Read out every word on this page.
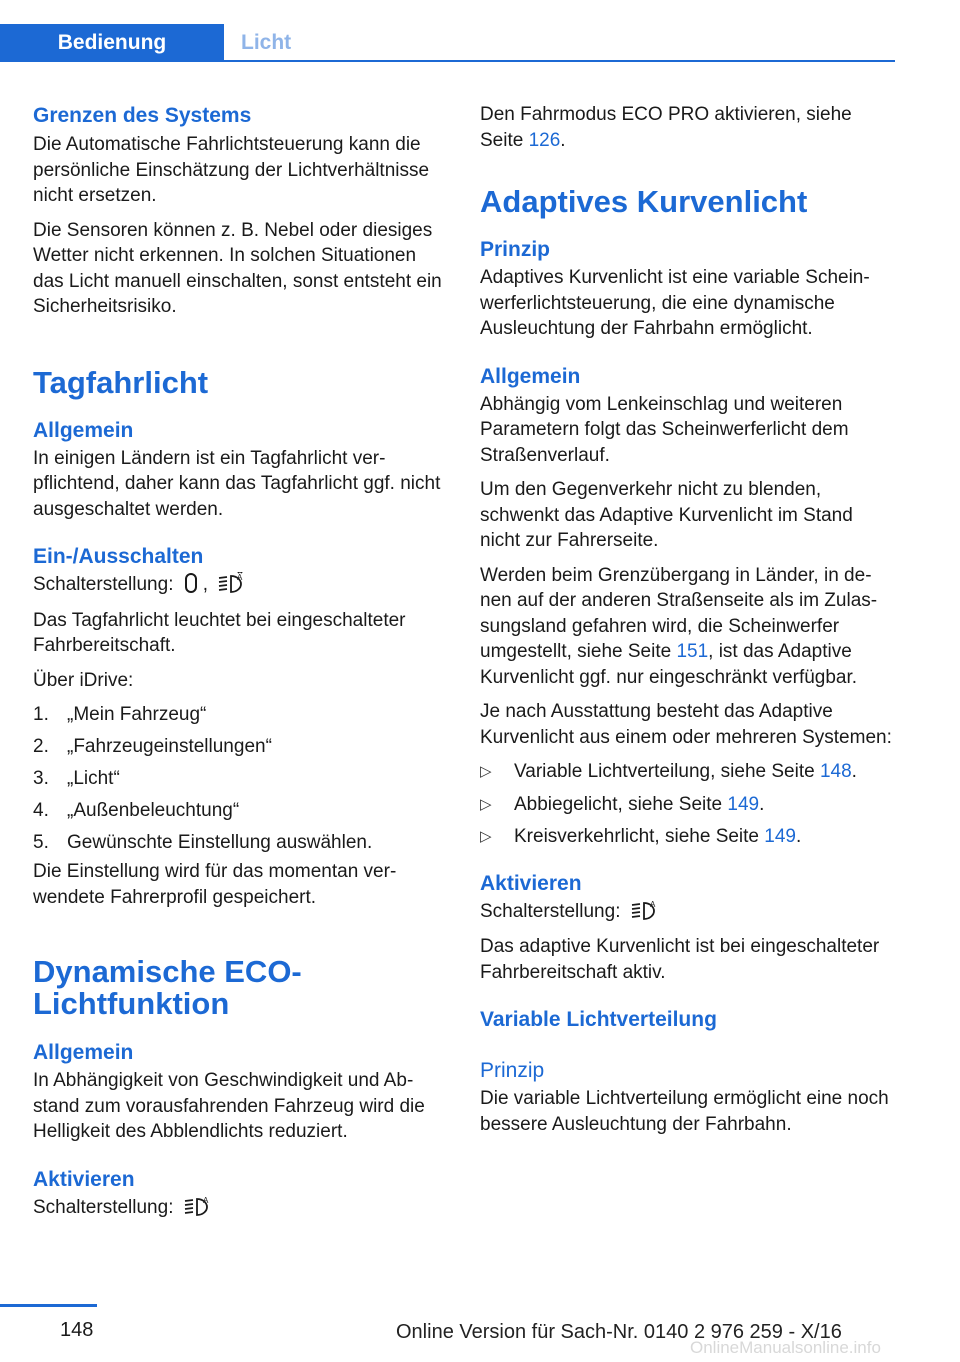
Bedienung	Licht
Grenzen des Systems

Die Automatische Fahrlichtsteuerung kann die persönliche Einschätzung der Lichtverhältnisse nicht ersetzen.

Die Sensoren können z. B. Nebel oder diesiges Wetter nicht erkennen. In solchen Situationen das Licht manuell einschalten, sonst entsteht ein Sicherheitsrisiko.

Tagfahrlicht
Allgemein

In einigen Ländern ist ein Tagfahrlicht verpflichtend, daher kann das Tagfahrlicht ggf. nicht ausgeschaltet werden.

Ein-/Ausschalten

Schalterstellung: ,	A

Das Tagfahrlicht leuchtet bei eingeschalteter Fahrbereitschaft.

Über iDrive:

1. „Mein Fahrzeug“
2. „Fahrzeugeinstellungen“
3. „Licht“
4. „Außenbeleuchtung“
5. Gewünschte Einstellung auswählen.

Die Einstellung wird für das momentan verwendete Fahrerprofil gespeichert.

Dynamische ECO-Lichtfunktion
Allgemein

In Abhängigkeit von Geschwindigkeit und Abstand zum vorausfahrenden Fahrzeug wird die Helligkeit des Abblendlichts reduziert.

Aktivieren

Schalterstellung:	A

Den Fahrmodus ECO PRO aktivieren, siehe Seite 126.

Adaptives Kurvenlicht
Prinzip

Adaptives Kurvenlicht ist eine variable Scheinwerferlichtsteuerung, die eine dynamische Ausleuchtung der Fahrbahn ermöglicht.

Allgemein

Abhängig vom Lenkeinschlag und weiteren Parametern folgt das Scheinwerferlicht dem Straßenverlauf.

Um den Gegenverkehr nicht zu blenden, schwenkt das Adaptive Kurvenlicht im Stand nicht zur Fahrerseite.

Werden beim Grenzübergang in Länder, in denen auf der anderen Straßenseite als im Zulassungsland gefahren wird, die Scheinwerfer umgestellt, siehe Seite 151, ist das Adaptive Kurvenlicht ggf. nur eingeschränkt verfügbar.

Je nach Ausstattung besteht das Adaptive Kurvenlicht aus einem oder mehreren Systemen:

▷ Variable Lichtverteilung, siehe Seite 148.
▷ Abbiegelicht, siehe Seite 149.
▷ Kreisverkehrlicht, siehe Seite 149.
Aktivieren

Schalterstellung:	A

Das adaptive Kurvenlicht ist bei eingeschalteter Fahrbereitschaft aktiv.

Variable Lichtverteilung
Prinzip

Die variable Lichtverteilung ermöglicht eine noch bessere Ausleuchtung der Fahrbahn.

148	Online Version für Sach-Nr. 0140 2 976 259 - X/16
OnlineManualsonline.info
